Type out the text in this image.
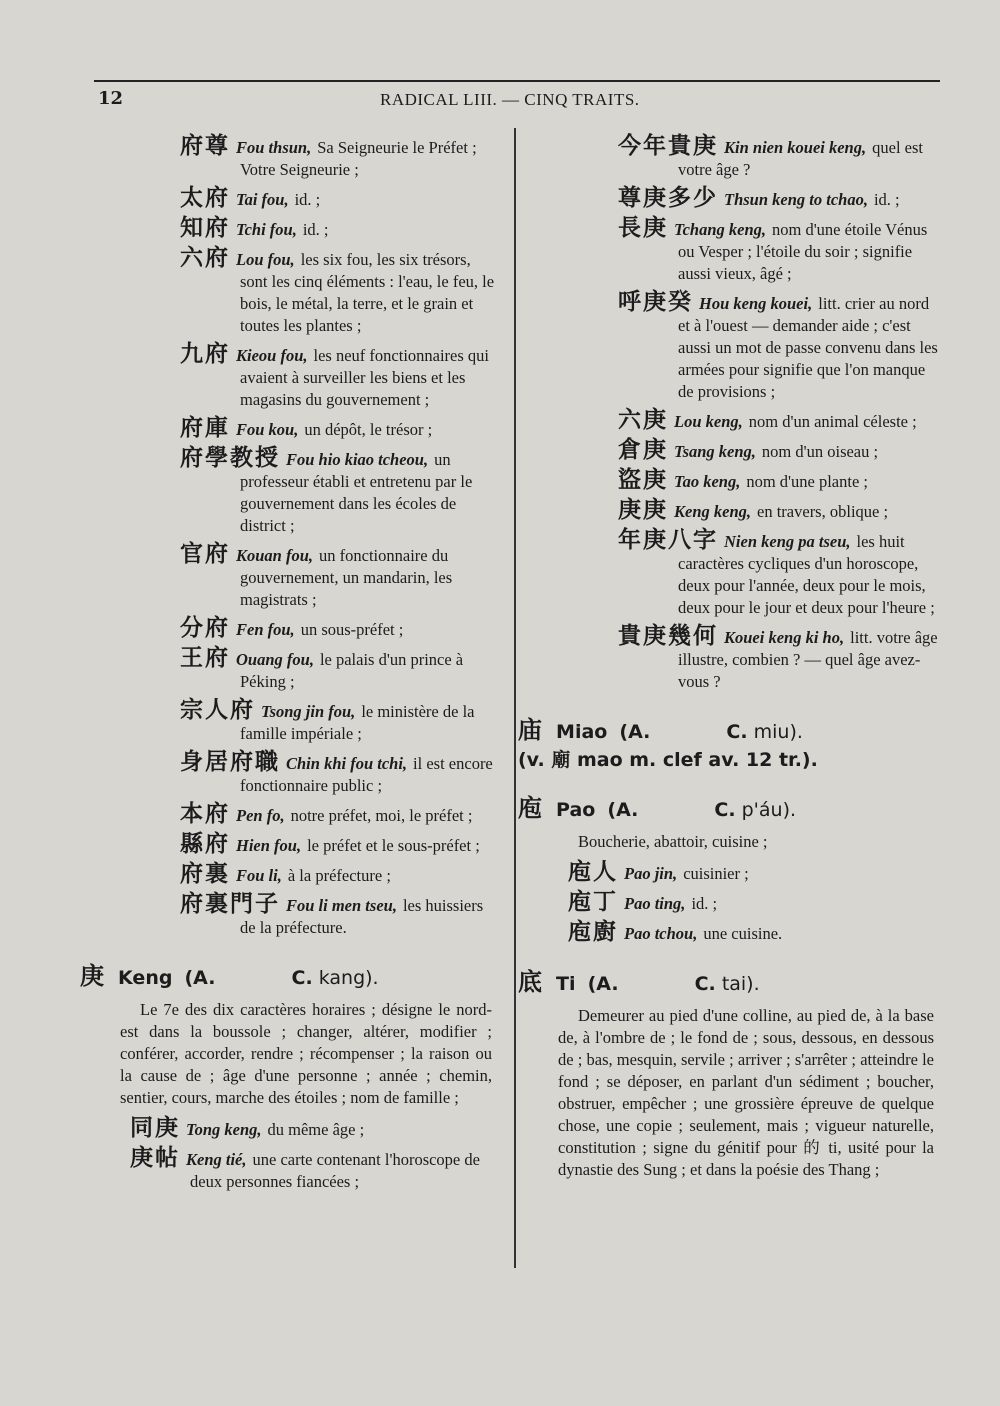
12	RADICAL LIII. — CINQ TRAITS.
府尊 Fou thsun, Sa Seigneurie le Préfet ; Votre Seigneurie ;
太府 Tai fou, id. ;
知府 Tchi fou, id. ;
六府 Lou fou, les six fou, les six trésors, sont les cinq éléments : l'eau, le feu, le bois, le métal, la terre, et le grain et toutes les plantes ;
九府 Kieou fou, les neuf fonctionnaires qui avaient à surveiller les biens et les magasins du gouvernement ;
府庫 Fou kou, un dépôt, le trésor ;
府學教授 Fou hio kiao tcheou, un professeur établi et entretenu par le gouvernement dans les écoles de district ;
官府 Kouan fou, un fonctionnaire du gouvernement, un mandarin, les magistrats ;
分府 Fen fou, un sous-préfet ;
王府 Ouang fou, le palais d'un prince à Péking ;
宗人府 Tsong jin fou, le ministère de la famille impériale ;
身居府職 Chin khi fou tchi, il est encore fonctionnaire public ;
本府 Pen fo, notre préfet, moi, le préfet ;
縣府 Hien fou, le préfet et le sous-préfet ;
府裏 Fou li, à la préfecture ;
府裏門子 Fou li men tseu, les huissiers de la préfecture.
庚 Keng (A.	C. kang).
Le 7e des dix caractères horaires ; désigne le nord-est dans la boussole ; changer, altérer, modifier ; conférer, accorder, rendre ; récompenser ; la raison ou la cause de ; âge d'une personne ; année ; chemin, sentier, cours, marche des étoiles ; nom de famille ;
同庚 Tong keng, du même âge ;
庚帖 Keng tié, une carte contenant l'horoscope de deux personnes fiancées ;
今年貴庚 Kin nien kouei keng, quel est votre âge ?
尊庚多少 Thsun keng to tchao, id. ;
長庚 Tchang keng, nom d'une étoile Vénus ou Vesper ; l'étoile du soir ; signifie aussi vieux, âgé ;
呼庚癸 Hou keng kouei, litt. crier au nord et à l'ouest — demander aide ; c'est aussi un mot de passe convenu dans les armées pour signifie que l'on manque de provisions ;
六庚 Lou keng, nom d'un animal céleste ;
倉庚 Tsang keng, nom d'un oiseau ;
盜庚 Tao keng, nom d'une plante ;
庚庚 Keng keng, en travers, oblique ;
年庚八字 Nien keng pa tseu, les huit caractères cycliques d'un horoscope, deux pour l'année, deux pour le mois, deux pour le jour et deux pour l'heure ;
貴庚幾何 Kouei keng ki ho, litt. votre âge illustre, combien ? — quel âge avez-vous ?
庙 Miao (A.	C. miu).
(v. 廟 mao m. clef av. 12 tr.).
庖 Pao (A.	C. p'áu).
Boucherie, abattoir, cuisine ;
庖人 Pao jin, cuisinier ;
庖丁 Pao ting, id. ;
庖廚 Pao tchou, une cuisine.
底 Ti (A.	C. tai).
Demeurer au pied d'une colline, au pied de, à la base de, à l'ombre de ; le fond de ; sous, dessous, en dessous de ; bas, mesquin, servile ; arriver ; s'arrêter ; atteindre le fond ; se déposer, en parlant d'un sédiment ; boucher, obstruer, empêcher ; une grossière épreuve de quelque chose, une copie ; seulement, mais ; vigueur naturelle, constitution ; signe du génitif pour 的 ti, usité pour la dynastie des Sung ; et dans la poésie des Thang ;
